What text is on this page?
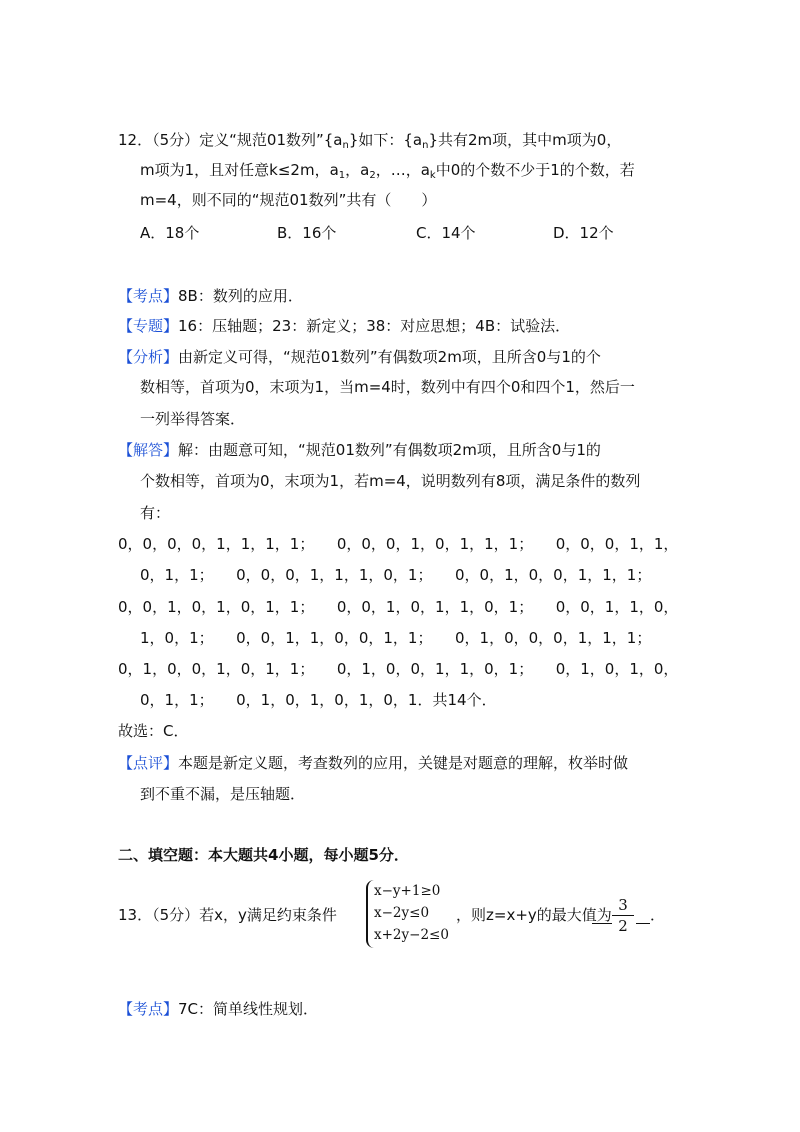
12．（5分）定义“规范01数列$”\{a_n\}$如下：$\{a_n\}$共有2m项，其中m项为0，
m项为1，且对任意k≤2m，$a_1$，$a_2$，…，$a_k$中0的个数不少于1的个数，若
m=4，则不同的“规范01数列”共有（　　）
A．18个	B．16个	C．14个	D．12个
【考点】8B：数列的应用．
【专题】16：压轴题；23：新定义；38：对应思想；4B：试验法．
【分析】由新定义可得，“规范01数列”有偶数项2m项，且所含0与1的个
数相等，首项为0，末项为1，当m=4时，数列中有四个0和四个1，然后一
一列举得答案．
【解答】解：由题意可知，“规范01数列”有偶数项2m项，且所含0与1的
个数相等，首项为0，末项为1，若m=4，说明数列有8项，满足条件的数列
有：
0，0，0，0，1，1，1，1；　　0，0，0，1，0，1，1，1；　　0，0，0，1，1，
0，1，1；　　0，0，0，1，1，1，0，1；　　0，0，1，0，0，1，1，1；
0，0，1，0，1，0，1，1；　　0，0，1，0，1，1，0，1；　　0，0，1，1，0，
1，0，1；　　0，0，1，1，0，0，1，1；　　0，1，0，0，0，1，1，1；
0，1，0，0，1，0，1，1；　　0，1，0，0，1，1，0，1；　　0，1，0，1，0，
0，1，1；　　0，1，0，1，0，1，0，1．共14个．
故选：C．
【点评】本题是新定义题，考查数列的应用，关键是对题意的理解，枚举时做
到不重不漏，是压轴题．
二、填空题：本大题共4小题，每小题5分．
13．（5分）若x，y满足约束条件
x−y+1≥0
x−2y≤0
x+2y−2≤0
，则z=x+y的最大值为
3
2
．
【考点】7C：简单线性规划．
